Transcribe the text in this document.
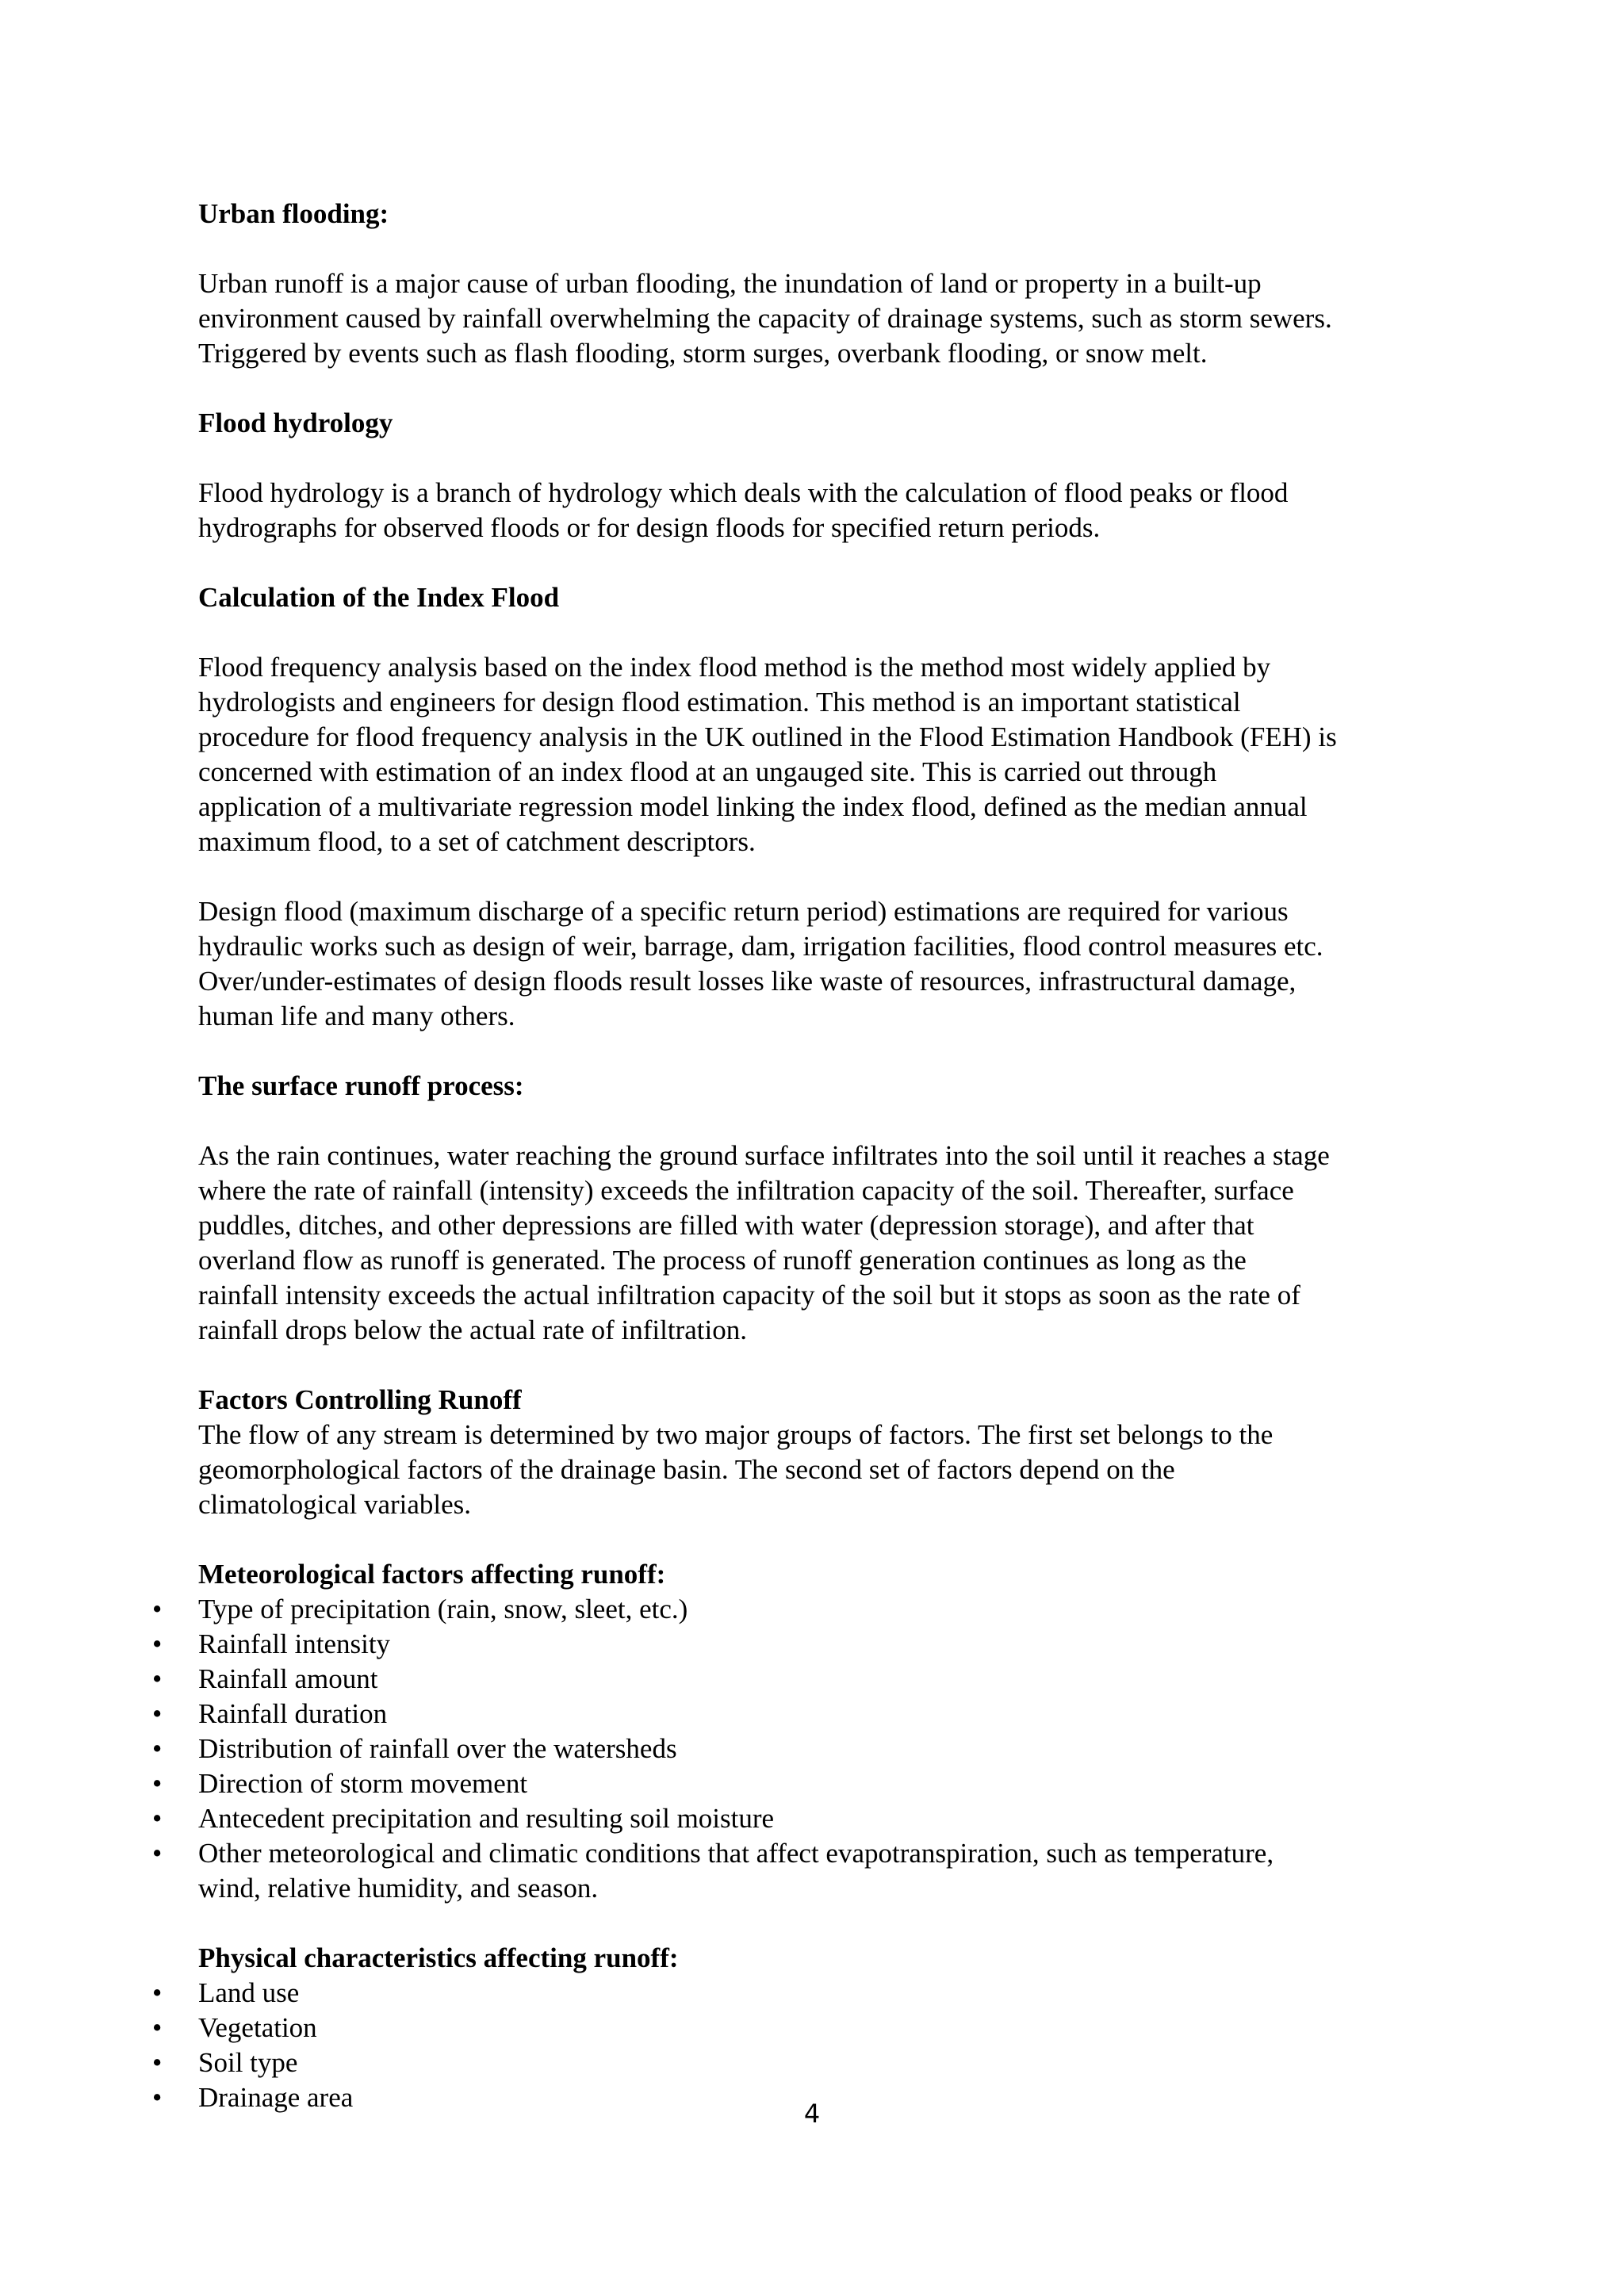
Urban flooding:

Urban runoff is a major cause of urban flooding, the inundation of land or property in a built-up
environment caused by rainfall overwhelming the capacity of drainage systems, such as storm sewers.
Triggered by events such as flash flooding, storm surges, overbank flooding, or snow melt.

Flood hydrology

Flood hydrology is a branch of hydrology which deals with the calculation of flood peaks or flood
hydrographs for observed floods or for design floods for specified return periods.

Calculation of the Index Flood

Flood frequency analysis based on the index flood method is the method most widely applied by
hydrologists and engineers for design flood estimation. This method is an important statistical
procedure for flood frequency analysis in the UK outlined in the Flood Estimation Handbook (FEH) is
concerned with estimation of an index flood at an ungauged site. This is carried out through
application of a multivariate regression model linking the index flood, defined as the median annual
maximum flood, to a set of catchment descriptors.

Design flood (maximum discharge of a specific return period) estimations are required for various
hydraulic works such as design of weir, barrage, dam, irrigation facilities, flood control measures etc.
Over/under-estimates of design floods result losses like waste of resources, infrastructural damage,
human life and many others.

The surface runoff process:

As the rain continues, water reaching the ground surface infiltrates into the soil until it reaches a stage
where the rate of rainfall (intensity) exceeds the infiltration capacity of the soil. Thereafter, surface
puddles, ditches, and other depressions are filled with water (depression storage), and after that
overland flow as runoff is generated. The process of runoff generation continues as long as the
rainfall intensity exceeds the actual infiltration capacity of the soil but it stops as soon as the rate of
rainfall drops below the actual rate of infiltration.

Factors Controlling Runoff

The flow of any stream is determined by two major groups of factors. The first set belongs to the
geomorphological factors of the drainage basin. The second set of factors depend on the
climatological variables.

Meteorological factors affecting runoff:

• Type of precipitation (rain, snow, sleet, etc.)
• Rainfall intensity
• Rainfall amount
• Rainfall duration
• Distribution of rainfall over the watersheds
• Direction of storm movement
• Antecedent precipitation and resulting soil moisture
• Other meteorological and climatic conditions that affect evapotranspiration, such as temperature,
wind, relative humidity, and season.

Physical characteristics affecting runoff:

• Land use
• Vegetation
• Soil type
• Drainage area
4
